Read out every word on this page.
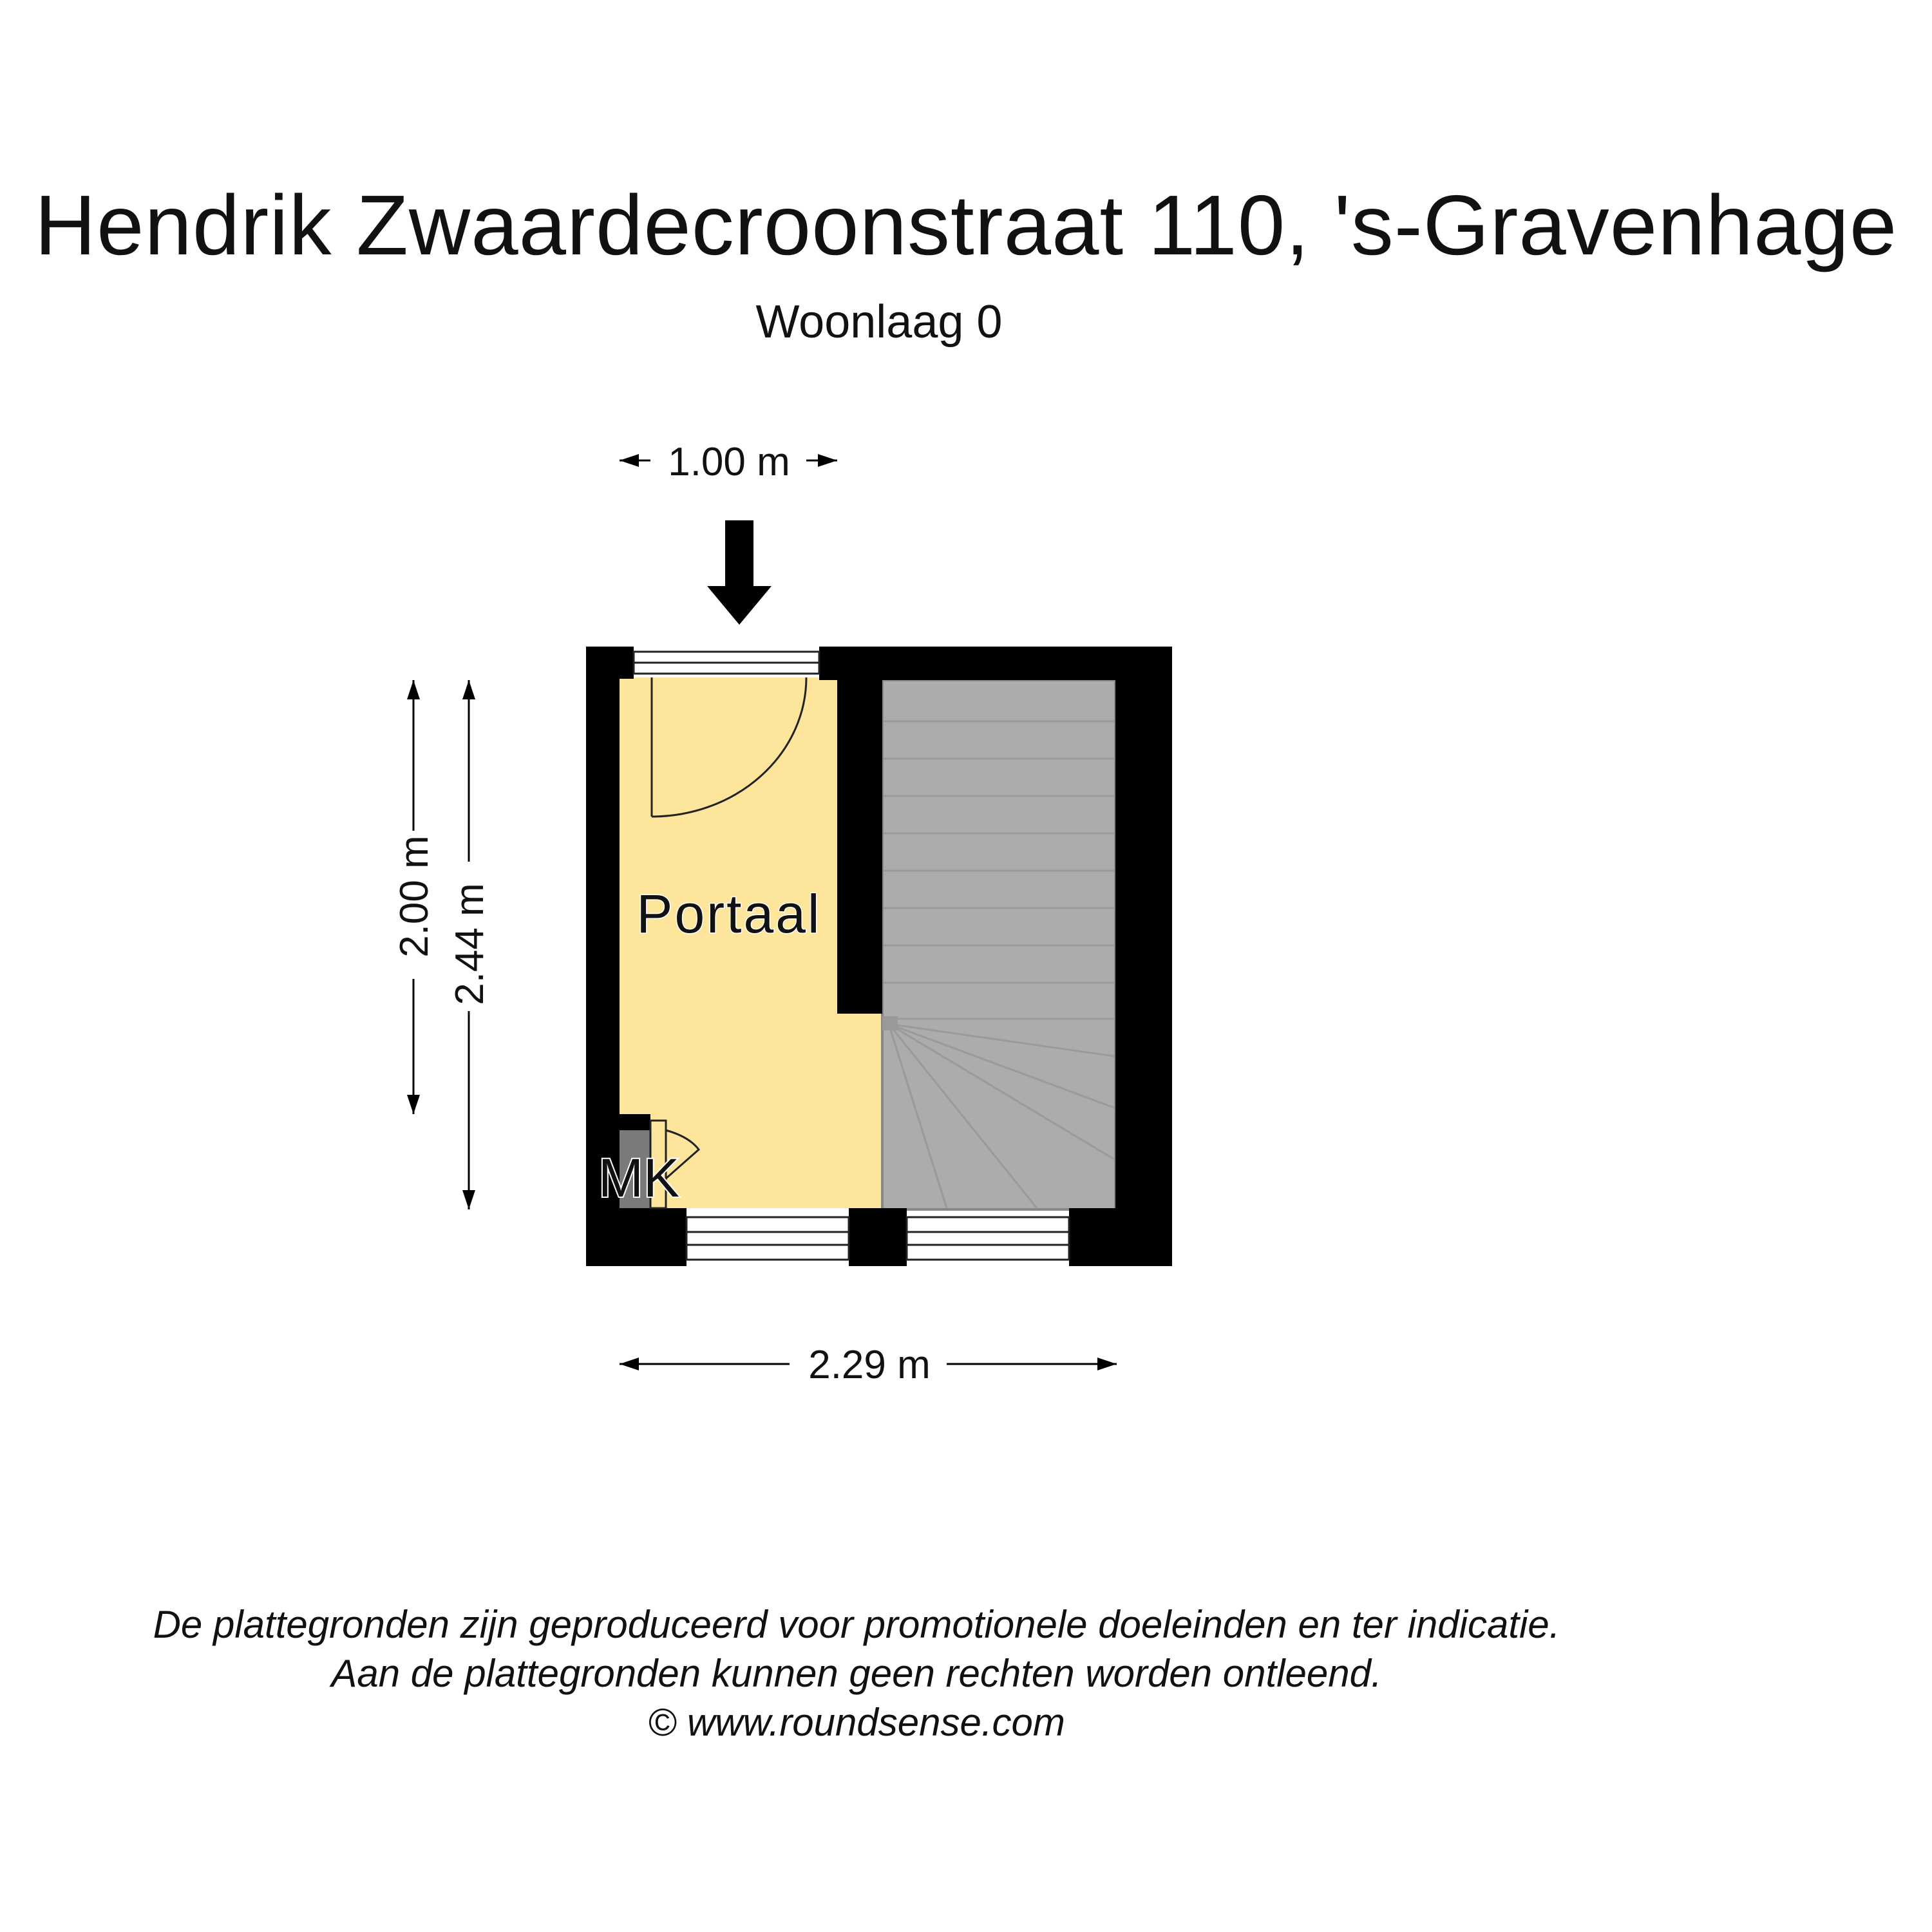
Hendrik Zwaardecroonstraat 110, 's-Gravenhage
Woonlaag 0
1.00 m
2.00 m 2.44 m
2.29 m
Portaal
MK
De plattegronden zijn geproduceerd voor promotionele doeleinden en ter indicatie.
Aan de plattegronden kunnen geen rechten worden ontleend.
© www.roundsense.com
